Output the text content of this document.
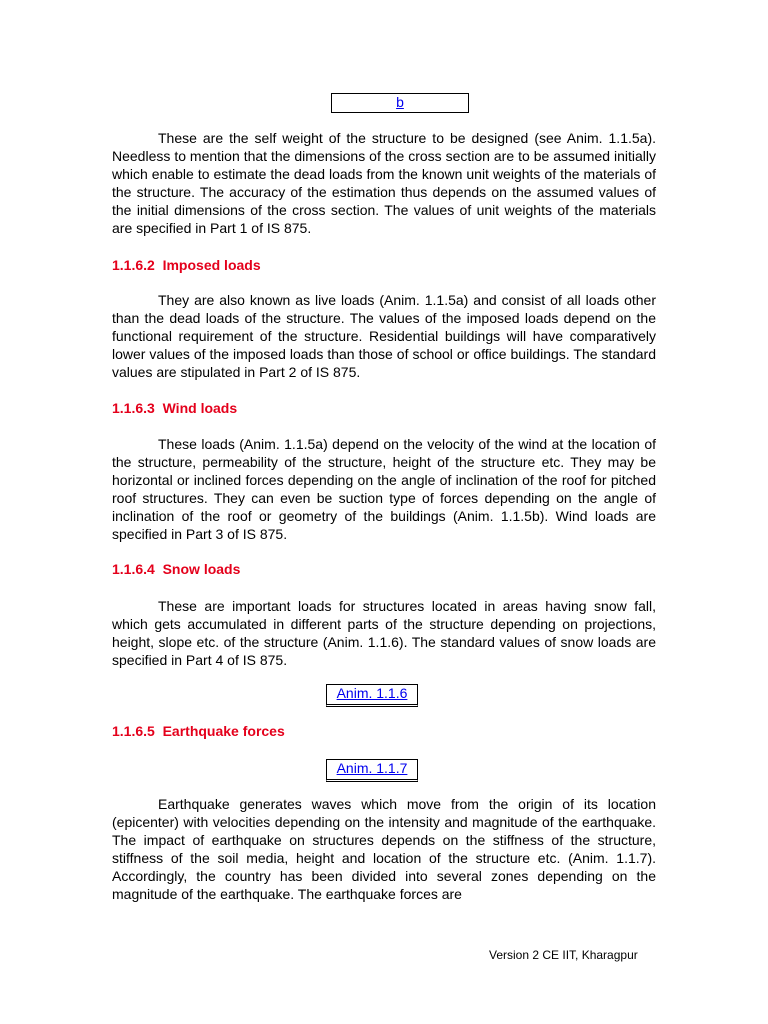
b

These are the self weight of the structure to be designed (see Anim. 1.1.5a). Needless to mention that the dimensions of the cross section are to be assumed initially which enable to estimate the dead loads from the known unit weights of the materials of the structure. The accuracy of the estimation thus depends on the assumed values of the initial dimensions of the cross section. The values of unit weights of the materials are specified in Part 1 of IS 875.

1.1.6.2  Imposed loads

They are also known as live loads (Anim. 1.1.5a) and consist of all loads other than the dead loads of the structure. The values of the imposed loads depend on the functional requirement of the structure. Residential buildings will have comparatively lower values of the imposed loads than those of school or office buildings. The standard values are stipulated in Part 2 of IS 875.

1.1.6.3  Wind loads

These loads (Anim. 1.1.5a) depend on the velocity of the wind at the location of the structure, permeability of the structure, height of the structure etc. They may be horizontal or inclined forces depending on the angle of inclination of the roof for pitched roof structures. They can even be suction type of forces depending on the angle of inclination of the roof or geometry of the buildings (Anim. 1.1.5b). Wind loads are specified in Part 3 of IS 875.

1.1.6.4  Snow loads

These are important loads for structures located in areas having snow fall, which gets accumulated in different parts of the structure depending on projections, height, slope etc. of the structure (Anim. 1.1.6). The standard values of snow loads are specified in Part 4 of IS 875.

Anim. 1.1.6
1.1.6.5  Earthquake forces
Anim. 1.1.7

Earthquake generates waves which move from the origin of its location (epicenter) with velocities depending on the intensity and magnitude of the earthquake. The impact of earthquake on structures depends on the stiffness of the structure, stiffness of the soil media, height and location of the structure etc. (Anim. 1.1.7). Accordingly, the country has been divided into several zones depending on the magnitude of the earthquake. The earthquake forces are

Version 2 CE IIT, Kharagpur
